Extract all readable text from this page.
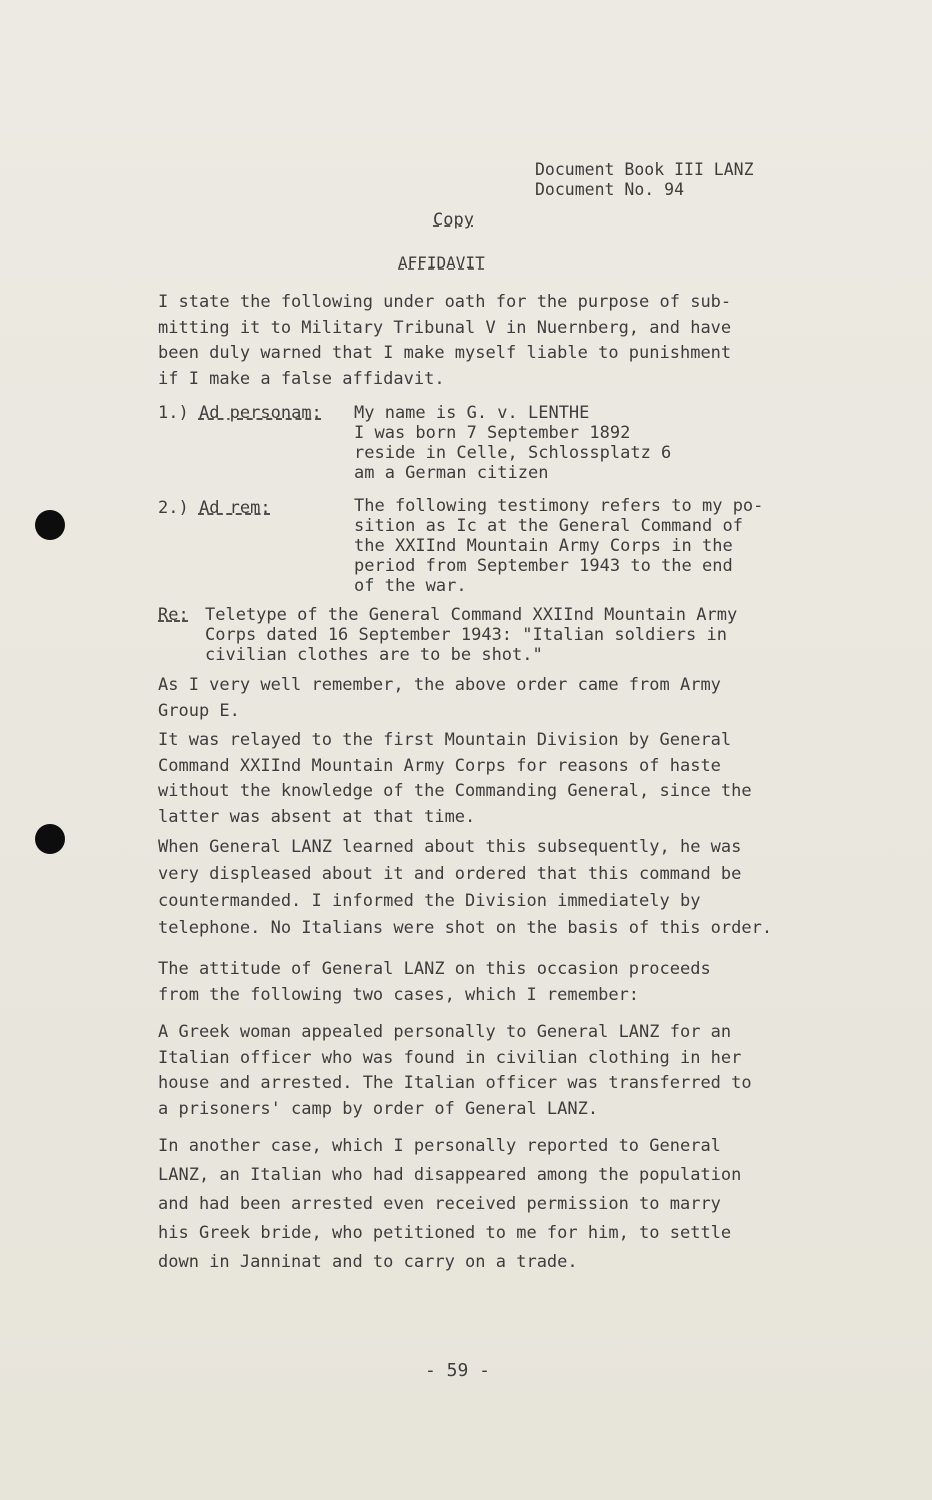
Document Book III LANZ
Document No. 94
Copy
AFFIDAVIT
I state the following under oath for the purpose of sub-
mitting it to Military Tribunal V in Nuernberg, and have
been duly warned that I make myself liable to punishment
if I make a false affidavit.
1.) Ad personam: My name is G. v. LENTHE
I was born 7 September 1892
reside in Celle, Schlossplatz 6
am a German citizen
2.) Ad rem:	The following testimony refers to my po-
sition as Ic at the General Command of
the XXIInd Mountain Army Corps in the
period from September 1943 to the end
of the war.
Re: Teletype of the General Command XXIInd Mountain Army
Corps dated 16 September 1943: "Italian soldiers in
civilian clothes are to be shot."
As I very well remember, the above order came from Army
Group E.
It was relayed to the first Mountain Division by General
Command XXIInd Mountain Army Corps for reasons of haste
without the knowledge of the Commanding General, since the
latter was absent at that time.
When General LANZ learned about this subsequently, he was
very displeased about it and ordered that this command be
countermanded. I informed the Division immediately by
telephone. No Italians were shot on the basis of this order.
The attitude of General LANZ on this occasion proceeds
from the following two cases, which I remember:
A Greek woman appealed personally to General LANZ for an
Italian officer who was found in civilian clothing in her
house and arrested. The Italian officer was transferred to
a prisoners' camp by order of General LANZ.
In another case, which I personally reported to General
LANZ, an Italian who had disappeared among the population
and had been arrested even received permission to marry
his Greek bride, who petitioned to me for him, to settle
down in Janninat and to carry on a trade.
- 59 -
